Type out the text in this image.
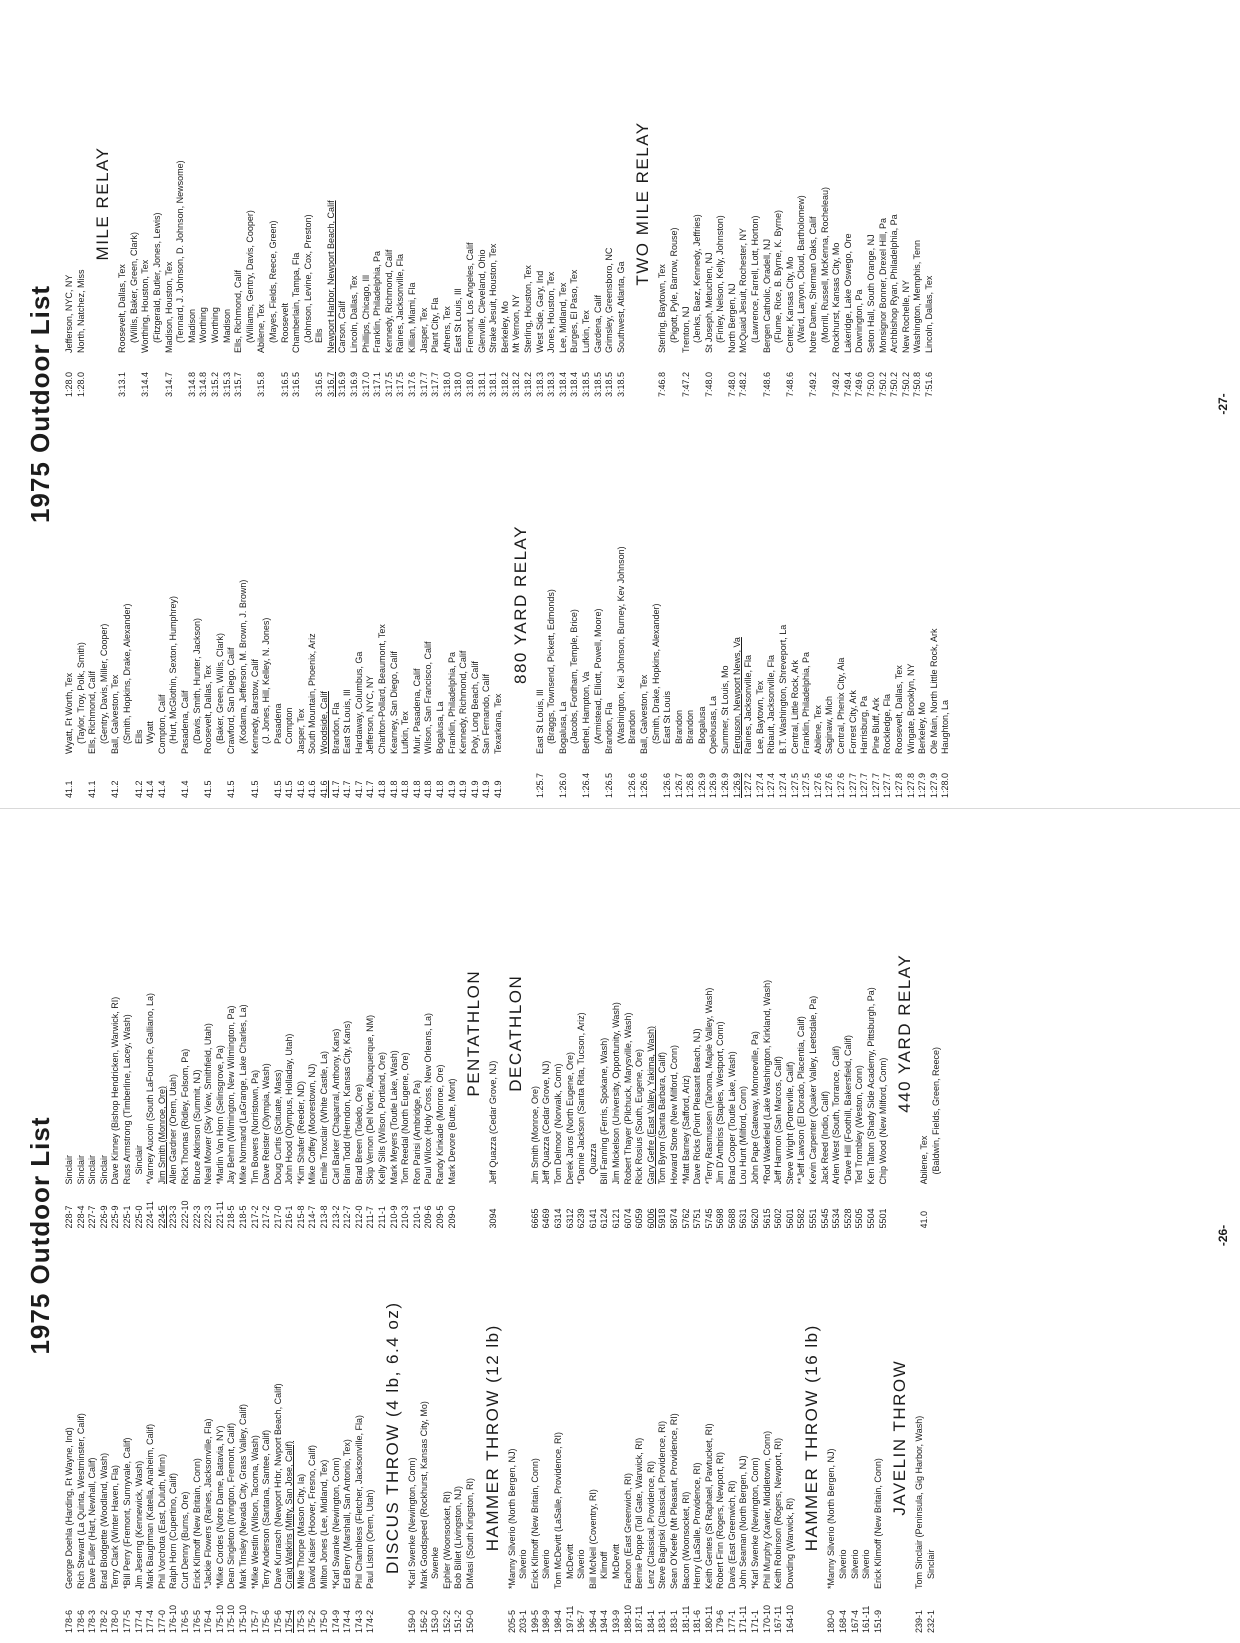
1975 Outdoor List
178-6
George Doehla (Harding, Ft Wayne, Ind)
178-6
Rich Stewart (La Quinta, Westminster, Calif)
178-3
Dave Fuller (Hart, Newhall, Calif)
178-2
Brad Blodgette (Woodland, Wash)
178-0
Terry Clark (Winter Haven, Fla)
177-5
*Bill Perry (Fremont, Sunnyvale, Calif)
177-4
Jim Jeserng (Kennewick, Wash)
177-4
Mark Baughman (Katella, Anaheim, Calif)
177-0
Phil Vorchota (East, Duluth, Minn)
176-10
Ralph Horn (Cupertino, Calif)
176-5
Curt Denny (Burns, Ore)
176-5
Erick Klimoff (New Britain, Conn)
176-4
*Jackie Flowers (Raines, Jacksonville, Fla)
175-10
*Mike Cordes (Notre Dame, Batavia, NY)
175-10
Dean Singleton (Irvington, Fremont, Calif)
175-10
Mark Tinsley (Nevada City, Grass Valley, Calif)
175-7
*Mike Westlin (Wilson, Tacoma, Wash)
175-6
Terry Anderson (Santana, Santee, Calif)
175-6
Dave Kurrasch (Newport Hrbr, Nwport Beach, Calif)
175-4
Craig Watkins (Mitty, San Jose, Calif)
175-3
Mike Thorpe (Mason City, Ia)
175-2
David Kaiser (Hoover, Fresno, Calif)
175-0
Milton Jones (Lee, Midland, Tex)
174-9
*Karl Swanke (Newington, Conn)
174-4
Ed Berry (Marshall, San Antonio, Tex)
174-3
Phil Chambless (Fletcher, Jacksonville, Fla)
174-2
Paul Liston (Orem, Utah) DISCUS THROW (4 lb, 6.4 oz)
159-0
*Karl Swenke (Newington, Conn)
156-2
Mark Goodspeed (Rockhurst, Kansas City, Mo)
153-0
Swenke
152-2
Ephler (Woonsocket, RI)
151-2
Bob Billet (Livingston, NJ)
150-0
DiMasi (South Kingston, RI) HAMMER THROW (12 lb)
205-5
*Manny Silverio (North Bergen, NJ)
203-1
Silverio
199-5
Erick Klimoff (New Britain, Conn)
198-9
Silverio
198-4
Tom McDevitt (LaSalle, Providence, RI)
197-11
McDevitt
196-7
Silverio
196-4
Bill McNeil (Coventry, RI)
194-4
Klimoff
193-9
McDevitt
188-10
Fachon (East Greenwich, RI)
187-11
Bernie Poppe (Toll Gate, Warwick, RI)
184-1
Lenz (Classical, Providence, RI)
183-1
Steve Baginski (Classical, Providence, RI)
183-1
Sean O'Keefe (Mt Pleasant, Providence, RI)
181-11
Bacon (Woonsocket, RI)
181-6
Henry (LaSalle, Providence, RI)
180-11
Keith Gentes (St Raphael, Pawtucket, RI)
179-6
Robert Finn (Rogers, Newport, RI)
177-1
Davis (East Greenwich, RI)
171-11
John Seaman (North Bergen, NJ)
171-1
*Karl Swenke (Newington, Conn)
170-10
Phil Murphy (Xavier, Middletown, Conn)
167-11
Keith Robinson (Rogers, Newport, RI)
164-10
Dowding (Warwick, RI) HAMMER THROW (16 lb)
180-0
*Manny Silverio (North Bergen, NJ)
168-4
Silverio
167-4
Silverio
161-11
Silverio
151-9
Erick Klimoff (New Britain, Conn)
JAVELIN THROW
239-1
Tom Sinclair (Peninsula, Gig Harbor, Wash)
232-1
Sinclair
228-7
Sinclair
228-4
Sinclair
227-7
Sinclair
226-9
Sinclair
225-9
Dave Kinney (Bishop Hendricken, Warwick, RI)
225-1
Russ Armstrong (Timberline, Lacey, Wash)
225-0
Sinclair
224-11
*Varney Aucoin (South LaFourche, Galliano, La)
224-5
Jim Smith (Monroe, Ore)
223-3
Allen Gardner (Orem, Utah)
222-10
Rick Thomas (Ridley, Folsom, Pa)
222-3
Bruce Atkinson (Summit, NJ)
222-3
Neal Mower (Sky View, Smithfield, Utah)
221-11
*Marlin Van Horn (Selinsgrove, Pa)
218-5
Jay Behm (Wilmington, New Wilmington, Pa)
218-5
Mike Normand (LaGrange, Lake Charles, La)
217-2
Tim Bowers (Norristown, Pa)
217-2
Dave Reister (Olympia, Wash)
217-0
Doug Curtis (Scituate, Mass)
216-1
John Hood (Olympus, Holladay, Utah)
215-8
*Kim Shafer (Reeder, ND)
214-7
Mike Coffey (Moorestown, NJ)
213-8
Emile Troxclair (White Castle, La)
213-2
Carl Barker (Chaparral, Anthony, Kans)
212-7
Brian Todd (Herndon, Kansas City, Kans)
212-0
Brad Breen (Toledo, Ore)
211-7
Skip Vernon (Del Norte, Albuquerque, NM)
211-1
Kelly Sills (Wilson, Portland, Ore)
210-9
Mark Meyers (Toutle Lake, Wash)
210-3
Tom Reedal (North Eugene, Ore)
210-1
Ron Parisi (Ambridge, Pa)
209-6
Paul Wilcox (Holy Cross, New Orleans, La)
209-5
Randy Kinkade (Monroe, Ore)
209-0
Mark Devore (Butte, Mont)
PENTATHLON
3094
Jeff Quazza (Cedar Grove, NJ)
DECATHLON
6665
Jim Smith (Monroe, Ore)
6469
Jeff Quazza (Cedar Grove, NJ)
6314
Tom Delmoor (Norwalk, Conn)
6312
Derek Jaros (North Eugene, Ore)
6239
*Dannie Jackson (Santa Rita, Tucson, Ariz)
6141
Quazza
6124
Bill Fanning (Ferris, Spokane, Wash)
6121
Jim Mickelson (University, Opportunity, Wash)
6074
Robert Thayer (Pilchuck, Marysville, Wash)
6059
Rick Rosius (South, Eugene, Ore)
6006
Gary Gefre (East Valley, Yakima, Wash)
5918
Tom Byron (Santa Barbara, Calif)
5874
Howard Stone (New Milford, Conn)
5762
*Matt Barney (Safford, Ariz)
5751
Dave Ricks (Point Pleasant Beach, NJ)
5745
*Terry Rasmussen (Tahoma, Maple Valley, Wash)
5698
Jim D'Ambriss (Staples, Westport, Conn)
5688
Brad Cooper (Toutle Lake, Wash)
5631
Lou Hunt (Milford, Conn)
5620
John Pape (Gateway, Monroeville, Pa)
5615
*Rod Wakefield (Lake Washington, Kirkland, Wash)
5602
Jeff Harmon (San Marcos, Calif)
5601
Steve Wright (Porterville, Calif)
5582
**Jeff Lawson (El Dorado, Placentia, Calif)
5551
Kevin Carpenter (Quaker Valley, Leetsdale, Pa)
5545
Jack Reed (Indio, Calif)
5534
Arlen West (South, Torrance, Calif)
5528
*Dave Hill (Foothill, Bakersfield, Calif)
5505
Ted Trombley (Weston, Conn)
5504
Ken Talton (Shady Side Academy, Pittsburgh, Pa)
5501
Chip Wood (New Milford, Conn)
440 YARD RELAY
41.0
Abilene, Tex (Baldwin, Fields, Green, Reece)
-26-
1975 Outdoor List
41.1
Wyatt, Ft Worth, Tex (Taylor, Troy, Polk, Smith)
41.1
Ells, Richmond, Calif (Gentry, Davis, Miller, Cooper)
41.2
Ball, Galveston, Tex (Smith, Hopkins, Drake, Alexander)
41.2
Ells
41.4
Wyatt
41.4
Compton, Calif (Hurt, McGlothin, Sexton, Humphrey)
41.4
Pasadena, Calif (Davis, Smith, Hunter, Jackson)
41.5
Roosevelt, Dallas, Tex (Baker, Green, Willis, Clark)
41.5
Crawford, San Diego, Calif (Kodama, Jefferson, M. Brown, J. Brown)
41.5
Kennedy, Barstow, Calif (J. Jones, Hill, Kelley, N. Jones)
41.5
Pasadena
41.5
Compton
41.6
Jasper, Tex
41.6
South Mountain, Phoenix, Ariz
41.6
Woodside, Calif
41.7
Brandon, Fla
41.7
East St Louis, Ill
41.7
Hardaway, Columbus, Ga
41.7
Jefferson, NYC, NY
41.8
Charlton-Pollard, Beaumont, Tex
41.8
Kearney, San Diego, Calif
41.8
Lufkin, Tex
41.8
Muir, Pasadena, Calif
41.8
Wilson, San Francisco, Calif
41.8
Bogalusa, La
41.9
Franklin, Philadelphia, Pa
41.9
Kennedy, Richmond, Calif
41.9
Poly, Long Beach, Calif
41.9
San Fernando, Calif
41.9
Texarkana, Tex
880 YARD RELAY
1:25.7
East St Louis, Ill (Braggs, Townsend, Pickett, Edmonds)
1:26.0
Bogalusa, La (Jacobs, Fordham, Temple, Brice)
1:26.4
Bethel, Hampton, Va (Armistead, Elliott, Powell, Moore)
1:26.5
Brandon, Fla (Washington, Kei Johnson, Burney, Kev Johnson)
1:26.6
Brandon
1:26.6
Ball, Galveston, Tex (Smith, Drake, Hopkins, Alexander)
1:26.6
East St Louis
1:26.7
Brandon
1:26.8
Brandon
1:26.9
Bogalusa
1:26.9
Opelousas, La
1:26.9
Summer, St Louis, Mo
1:26.9
Ferguson, Newport News, Va
1:27.2
Raines, Jacksonville, Fla
1:27.4
Lee, Baytown, Tex
1:27.4
Ribault, Jacksonville, Fla
1:27.4
B.T. Washington, Shreveport, La
1:27.5
Central, Little Rock, Ark
1:27.5
Franklin, Philadelphia, Pa
1:27.6
Abilene, Tex
1:27.6
Saginaw, Mich
1:27.6
Central, Phenix City, Ala
1:27.7
Forrest City, Ark
1:27.7
Harrisburg, Pa
1:27.7
Pine Bluff, Ark
1:27.7
Rockledge, Fla
1:27.8
Roosevelt, Dallas, Tex
1:27.8
Wingate, Brooklyn, NY
1:27.9
Berkeley, Mo
1:27.9
Ole Main, North Little Rock, Ark
1:28.0
Haughton, La
1:28.0
Jefferson, NYC, NY
1:28.0
North, Natchez, Miss
MILE RELAY
3:13.1
Roosevelt, Dallas, Tex (Willis, Baker, Green, Clark)
3:14.4
Worthing, Houston, Tex (Fitzgerald, Butler, Jones, Lewis)
3:14.7
Madison, Houston, Tex (Tennard, J. Johnson, D. Johnson, Newsome)
3:14.8
Madison
3:14.8
Worthing
3:15.2
Worthing
3:15.3
Madison
3:15.7
Ells, Richmond, Calif (Williams, Gentry, Davis, Cooper)
3:15.8
Abilene, Tex (Mayes, Fields, Reece, Green)
3:16.5
Roosevelt
3:16.5
Chamberlain, Tampa, Fla (Johnson, Levine, Cox, Preston)
3:16.5
Ells
3:16.7
Newport Harbor, Newport Beach, Calif
3:16.9
Carson, Calif
3:16.9
Lincoln, Dallas, Tex
3:17.0
Phillips, Chicago, Ill
3:17.1
Franklin, Philadelphia, Pa
3:17.5
Kennedy, Richmond, Calif
3:17.5
Raines, Jacksonville, Fla
3:17.6
Killian, Miami, Fla
3:17.7
Jasper, Tex
3:17.7
Plant City, Fla
3:18.0
Athens, Tex
3:18.0
East St Louis, Ill
3:18.0
Fremont, Los Angeles, Calif
3:18.1
Glenville, Cleveland, Ohio
3:18.1
Strake Jesuit, Houston, Tex
3:18.2
Berkeley, Mo
3:18.2
Mt Vernon, NY
3:18.2
Sterling, Houston, Tex
3:18.3
West Side, Gary, Ind
3:18.3
Jones, Houston, Tex
3:18.4
Lee, Midland, Tex
3:18.4
Burges, El Paso, Tex
3:18.5
Lufkin, Tex
3:18.5
Gardena, Calif
3:18.5
Grimsley, Greensboro, NC
3:18.5
Southwest, Atlanta, Ga
TWO MILE RELAY
7:46.8
Sterling, Baytown, Tex (Pigott, Pyle, Barrow, Rouse)
7:47.2
Trenton, NJ (Jenks, Baez, Kennedy, Jeffries)
7:48.0
St Joseph, Metuchen, NJ (Finley, Nelson, Kelly, Johnston)
7:48.0
North Bergen, NJ
7:48.2
McQuaid Jesuit, Rochester, NY (Lawrence, Farrell, Lott, Horton)
7:48.6
Bergen Catholic, Oradell, NJ (Flume, Rice, B. Byrne, K. Byrne)
7:48.6
Center, Kansas City, Mo (Ward, Lanyon, Cloud, Bartholomew)
7:49.2
Notre Dame, Sherman Oaks, Calif (Morrill, Russell, McKenna, Rocheleau)
7:49.2
Rockhurst, Kansas City, Mo
7:49.4
Lakeridge, Lake Oswego, Ore
7:49.6
Downington, Pa
7:50.0
Seton Hall, South Orange, NJ
7:50.2
Monsignor Bonner, Drexel Hill, Pa
7:50.2
Archbishop Ryan, Philadelphia, Pa
7:50.2
New Rochelle, NY
7:50.8
Washington, Memphis, Tenn
7:51.6
Lincoln, Dallas, Tex
-27-
